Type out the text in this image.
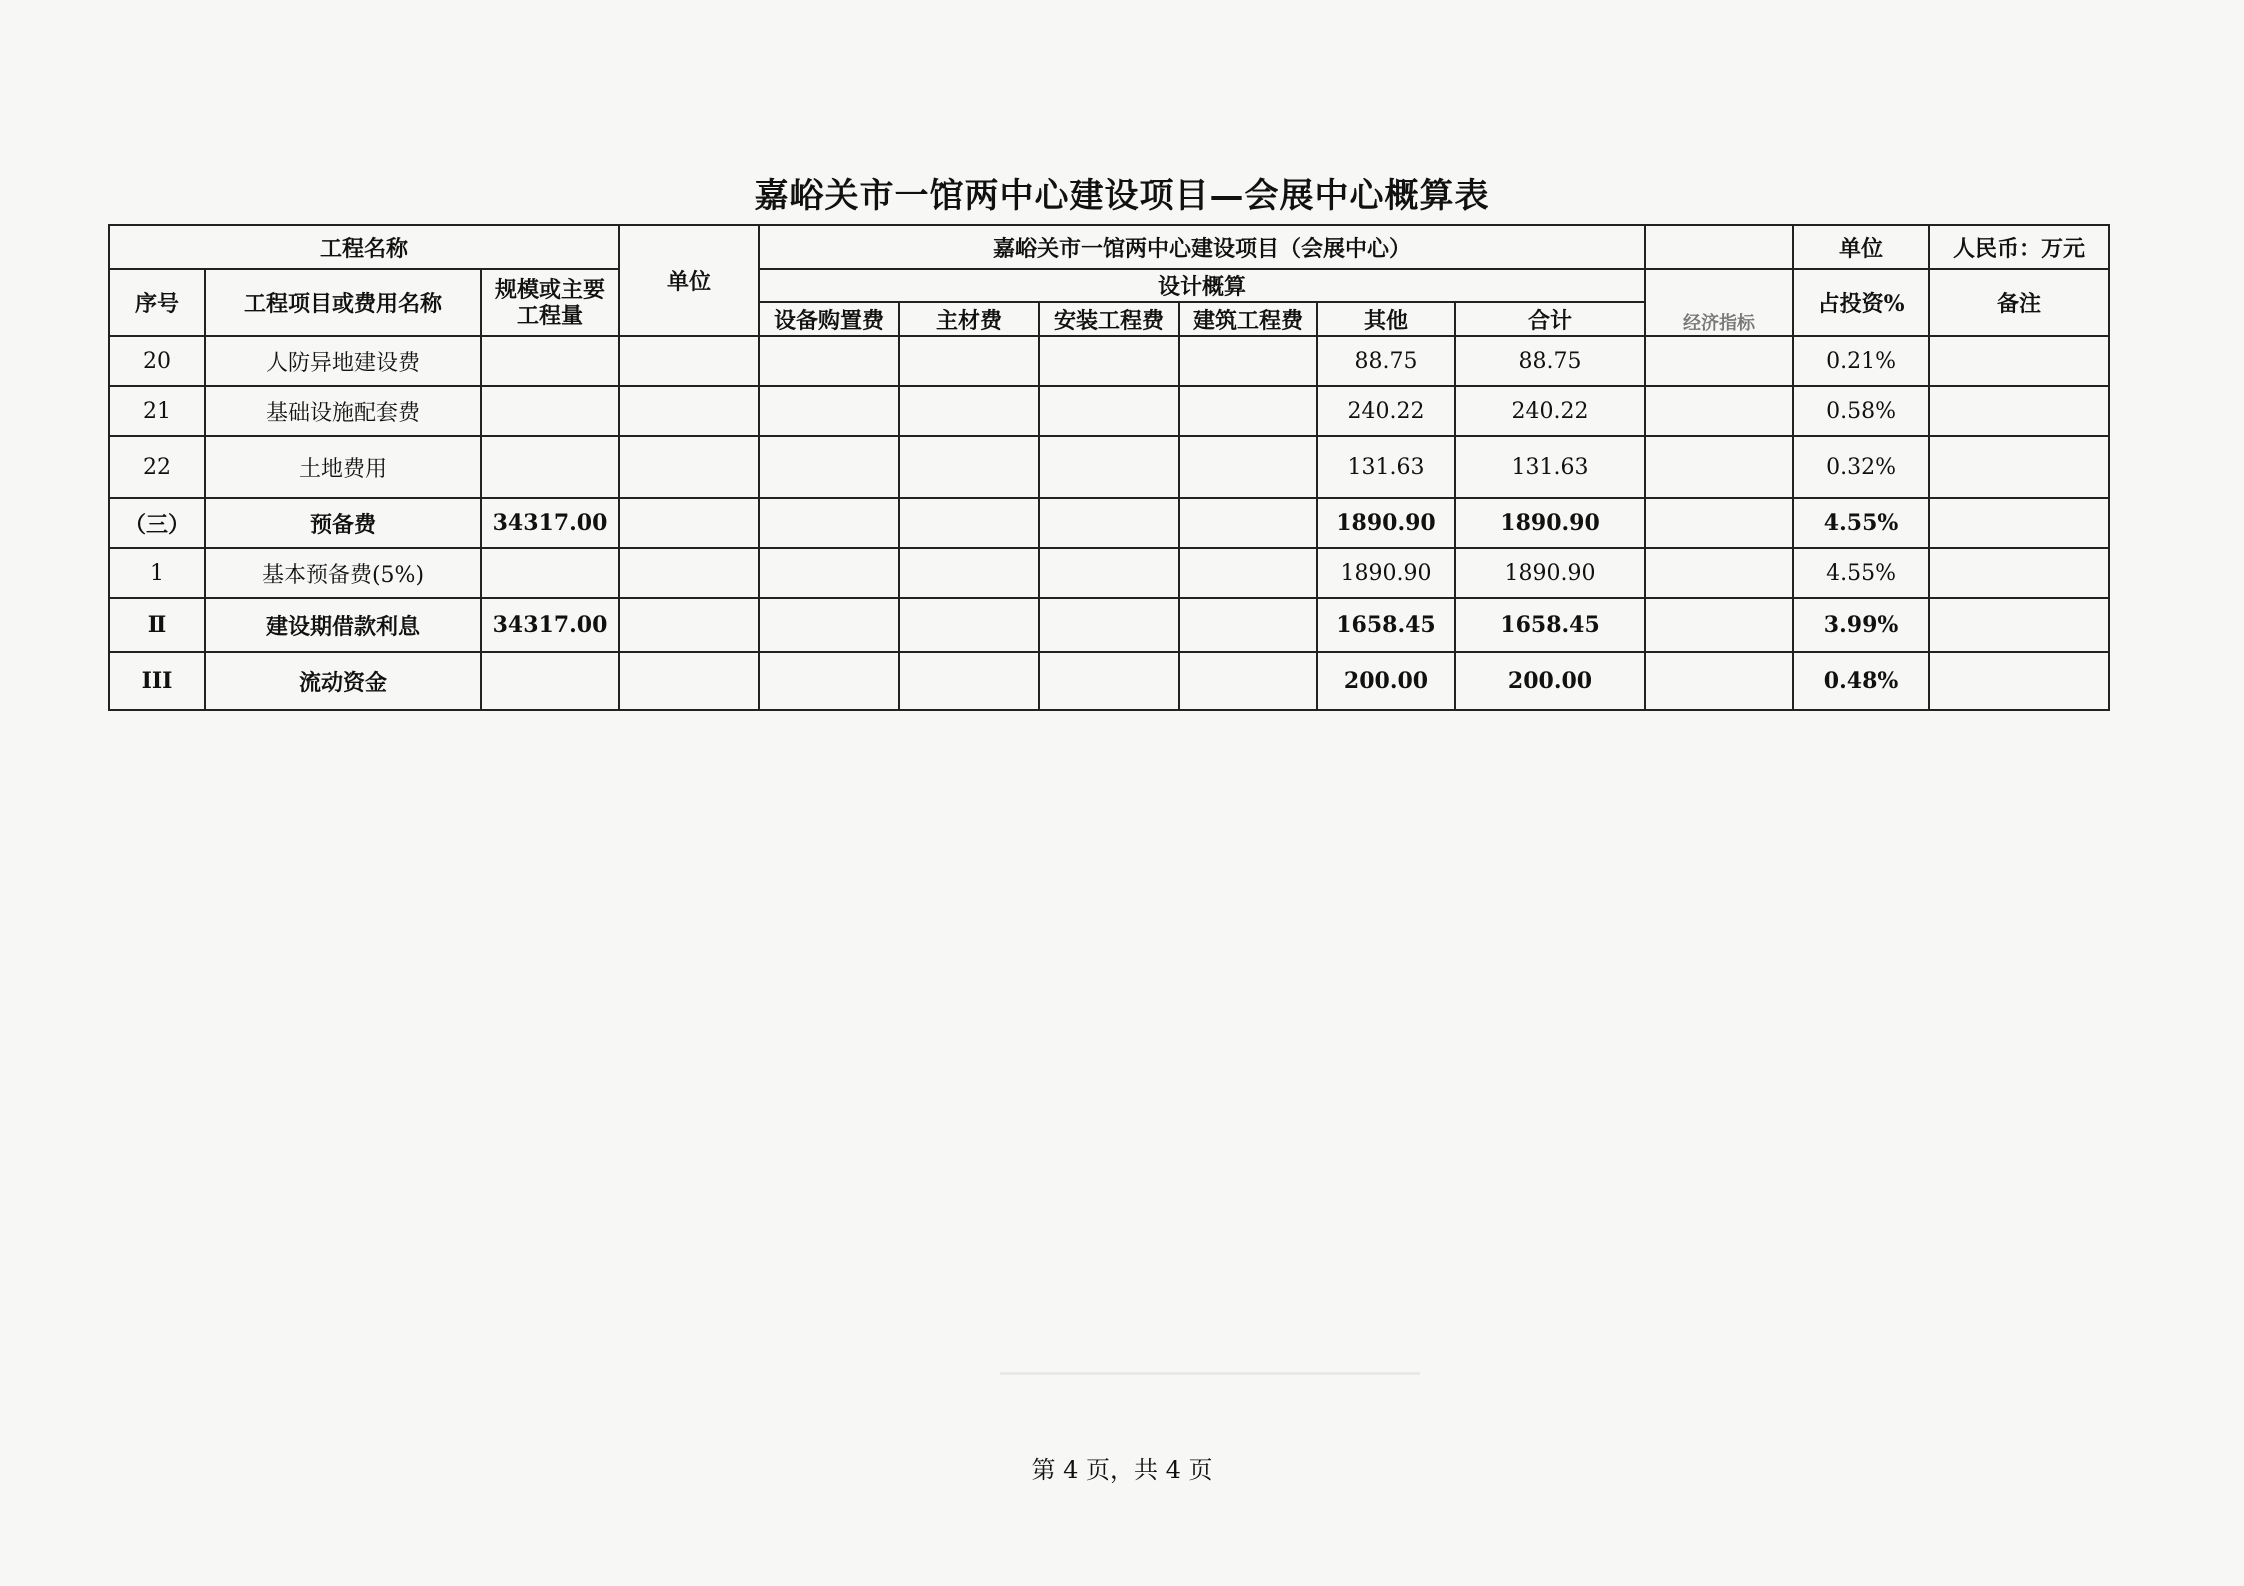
嘉峪关市一馆两中心建设项目—会展中心概算表
工程名称			单位	嘉峪关市一馆两中心建设项目（会展中心）							单位	人民币：万元
序号	工程项目或费用名称	规模或主要工程量		设计概算						经济指标	占投资%	备注
				设备购置费	主材费	安装工程费	建筑工程费	其他	合计			
20	人防异地建设费							88.75	88.75		0.21%	
21	基础设施配套费							240.22	240.22		0.58%	
22	土地费用							131.63	131.63		0.32%	
（三）	预备费	34317.00						1890.90	1890.90		4.55%	
1	基本预备费(5%)							1890.90	1890.90		4.55%	
Ⅱ	建设期借款利息	34317.00						1658.45	1658.45		3.99%	
III	流动资金							200.00	200.00		0.48%	
第 4 页，共 4 页
